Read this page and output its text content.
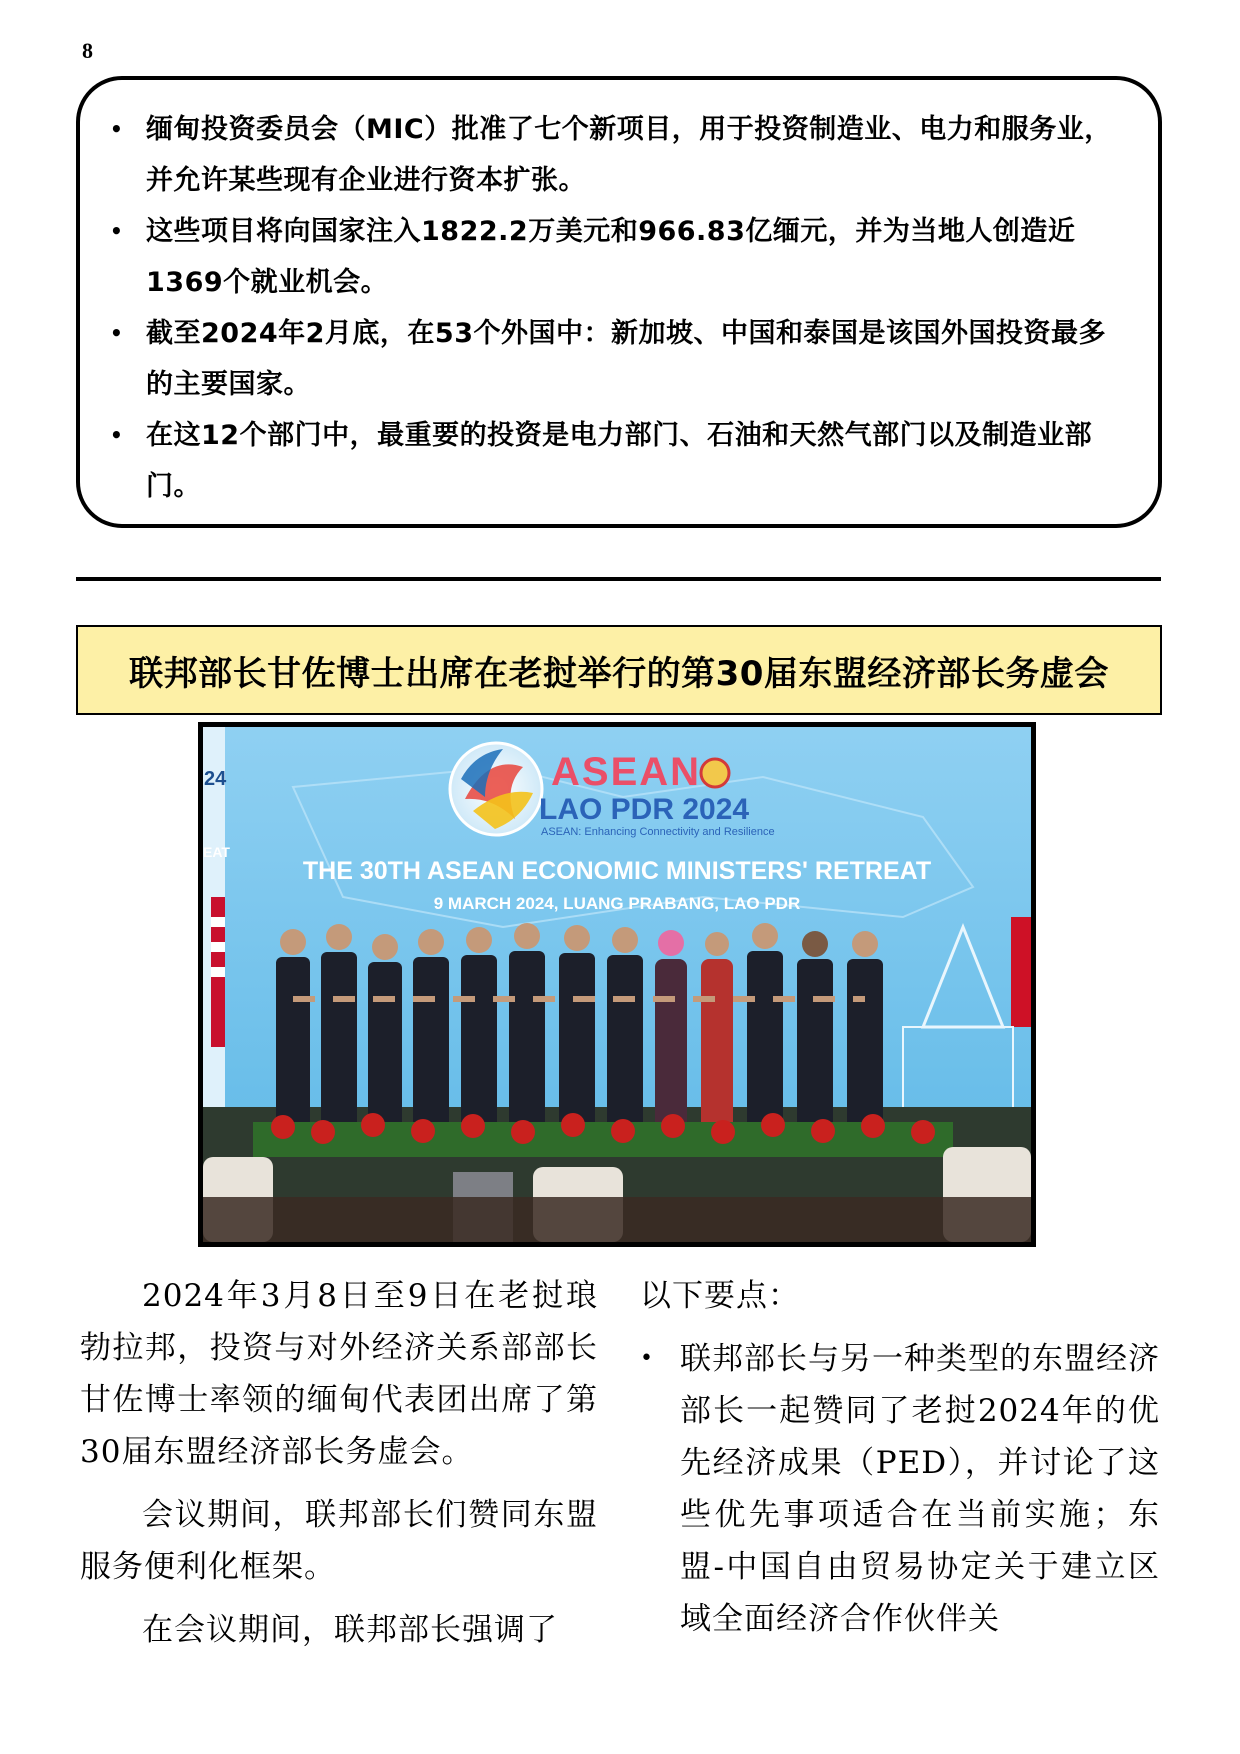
8
• 缅甸投资委员会（MIC）批准了七个新项目，用于投资制造业、电力和服务业，并允许某些现有企业进行资本扩张。
• 这些项目将向国家注入1822.2万美元和966.83亿缅元，并为当地人创造近1369个就业机会。
• 截至2024年2月底，在53个外国中：新加坡、中国和泰国是该国外国投资最多的主要国家。
• 在这12个部门中，最重要的投资是电力部门、石油和天然气部门以及制造业部门。
联邦部长甘佐博士出席在老挝举行的第30届东盟经济部长务虚会
24
EAT
ASEAN
LAO PDR 2024
ASEAN: Enhancing Connectivity and Resilience
THE 30TH ASEAN ECONOMIC MINISTERS' RETREAT
9 MARCH 2024, LUANG PRABANG, LAO PDR

2024年3月8日至9日在老挝琅勃拉邦，投资与对外经济关系部部长甘佐博士率领的缅甸代表团出席了第30届东盟经济部长务虚会。

会议期间，联邦部长们赞同东盟服务便利化框架。

在会议期间，联邦部长强调了

以下要点：

• 联邦部长与另一种类型的东盟经济部长一起赞同了老挝2024年的优先经济成果（PED），并讨论了这些优先事项适合在当前实施；东盟-中国自由贸易协定关于建立区域全面经济合作伙伴关
